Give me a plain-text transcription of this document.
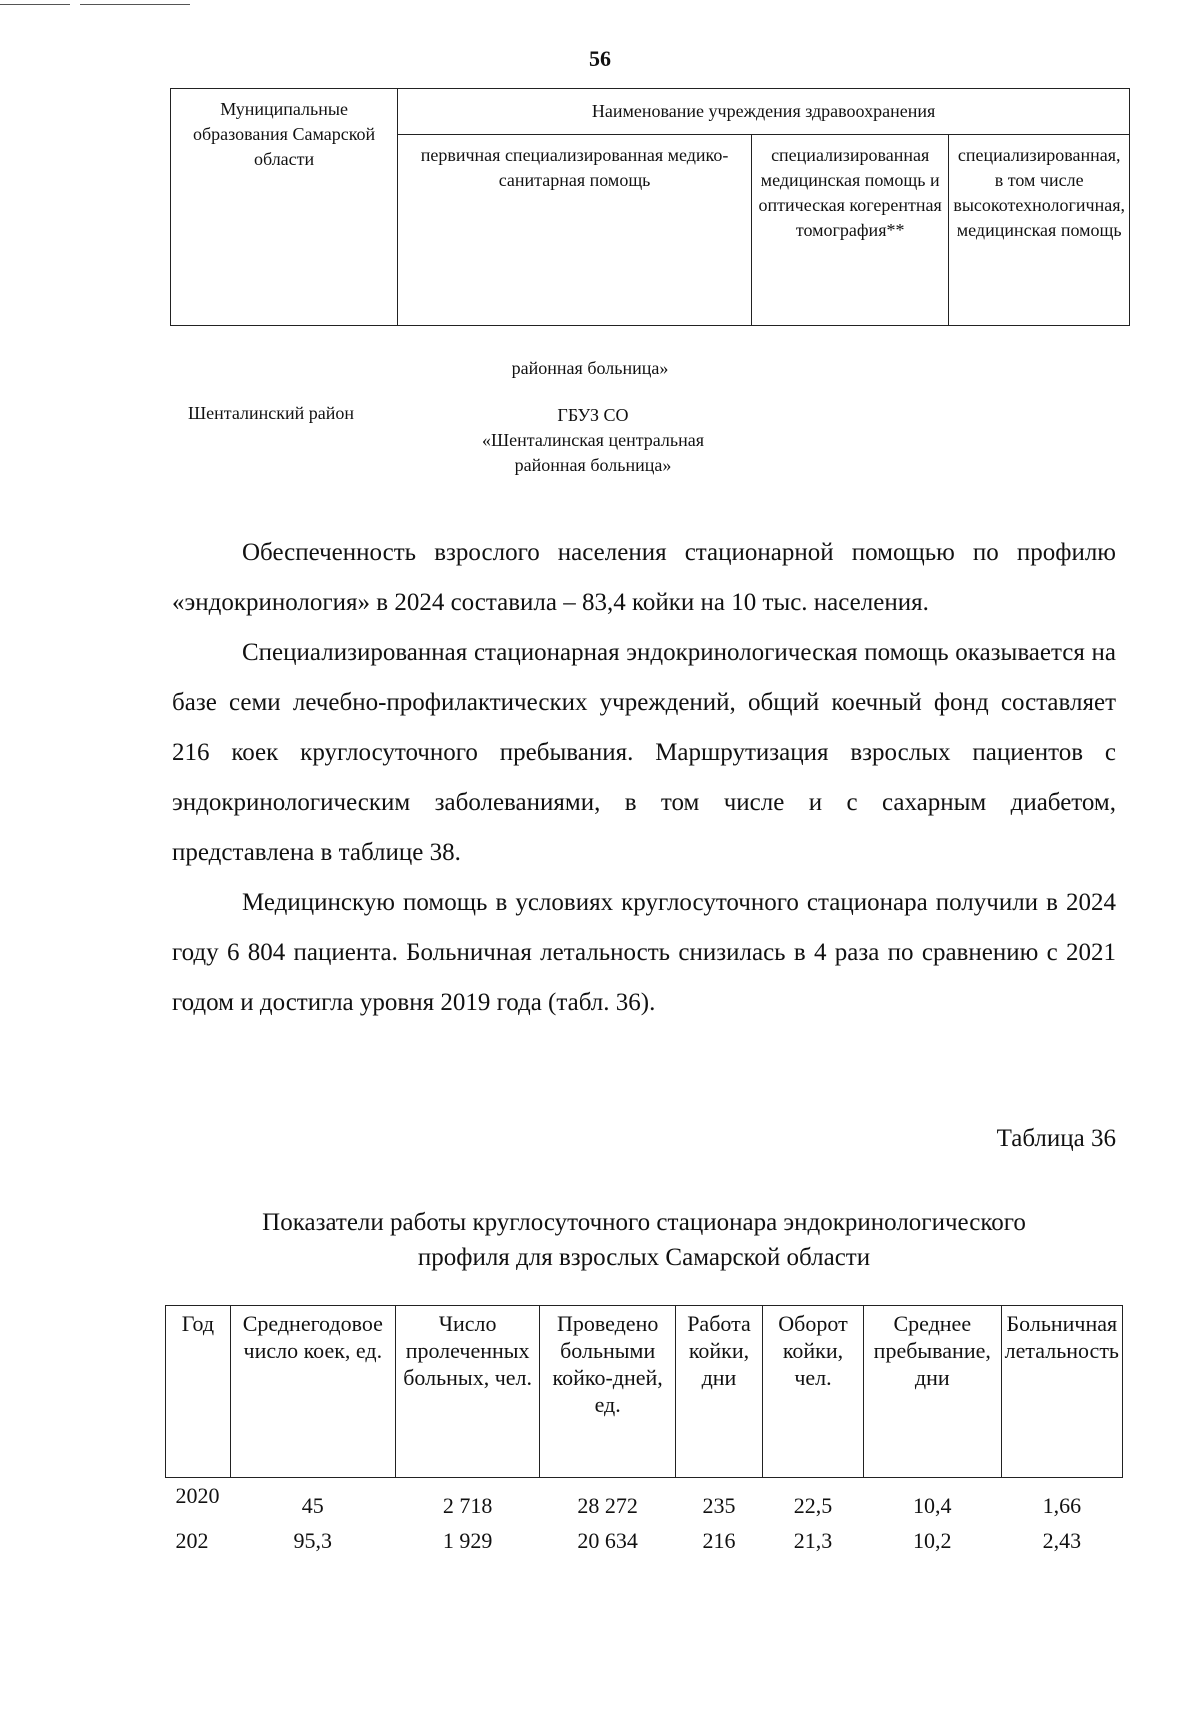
56
Муниципальные образования Самарской области	Наименование учреждения здравоохранения		
	первичная специализированная медико-санитарная помощь	специализированная медицинская помощь и оптическая когерентная томография**	специализированная, в том числе высокотехнологичная, медицинская помощь
районная больница»
Шенталинский район	ГБУЗ СО
«Шенталинская центральная
районная больница»

Обеспеченность взрослого населения стационарной помощью по профилю «эндокринология» в 2024 составила – 83,4 койки на 10 тыс. населения.

Специализированная стационарная эндокринологическая помощь оказывается на базе семи лечебно-профилактических учреждений, общий коечный фонд составляет 216 коек круглосуточного пребывания. Маршрутизация взрослых пациентов с эндокринологическим заболеваниями, в том числе и с сахарным диабетом, представлена в таблице 38.

Медицинскую помощь в условиях круглосуточного стационара получили в 2024 году 6 804 пациента. Больничная летальность снизилась в 4 раза по сравнению с 2021 годом и достигла уровня 2019 года (табл. 36).

Таблица 36
Показатели работы круглосуточного стационара эндокринологического
профиля для взрослых Самарской области
Год	Среднегодовое число коек, ед.	Число пролеченных больных, чел.	Проведено больными койко-дней, ед.	Работа койки, дни	Оборот койки, чел.	Среднее пребывание, дни	Больничная летальность
2020	45	2 718	28 272	235	22,5	10,4	1,66
202	95,3	1 929	20 634	216	21,3	10,2	2,43
